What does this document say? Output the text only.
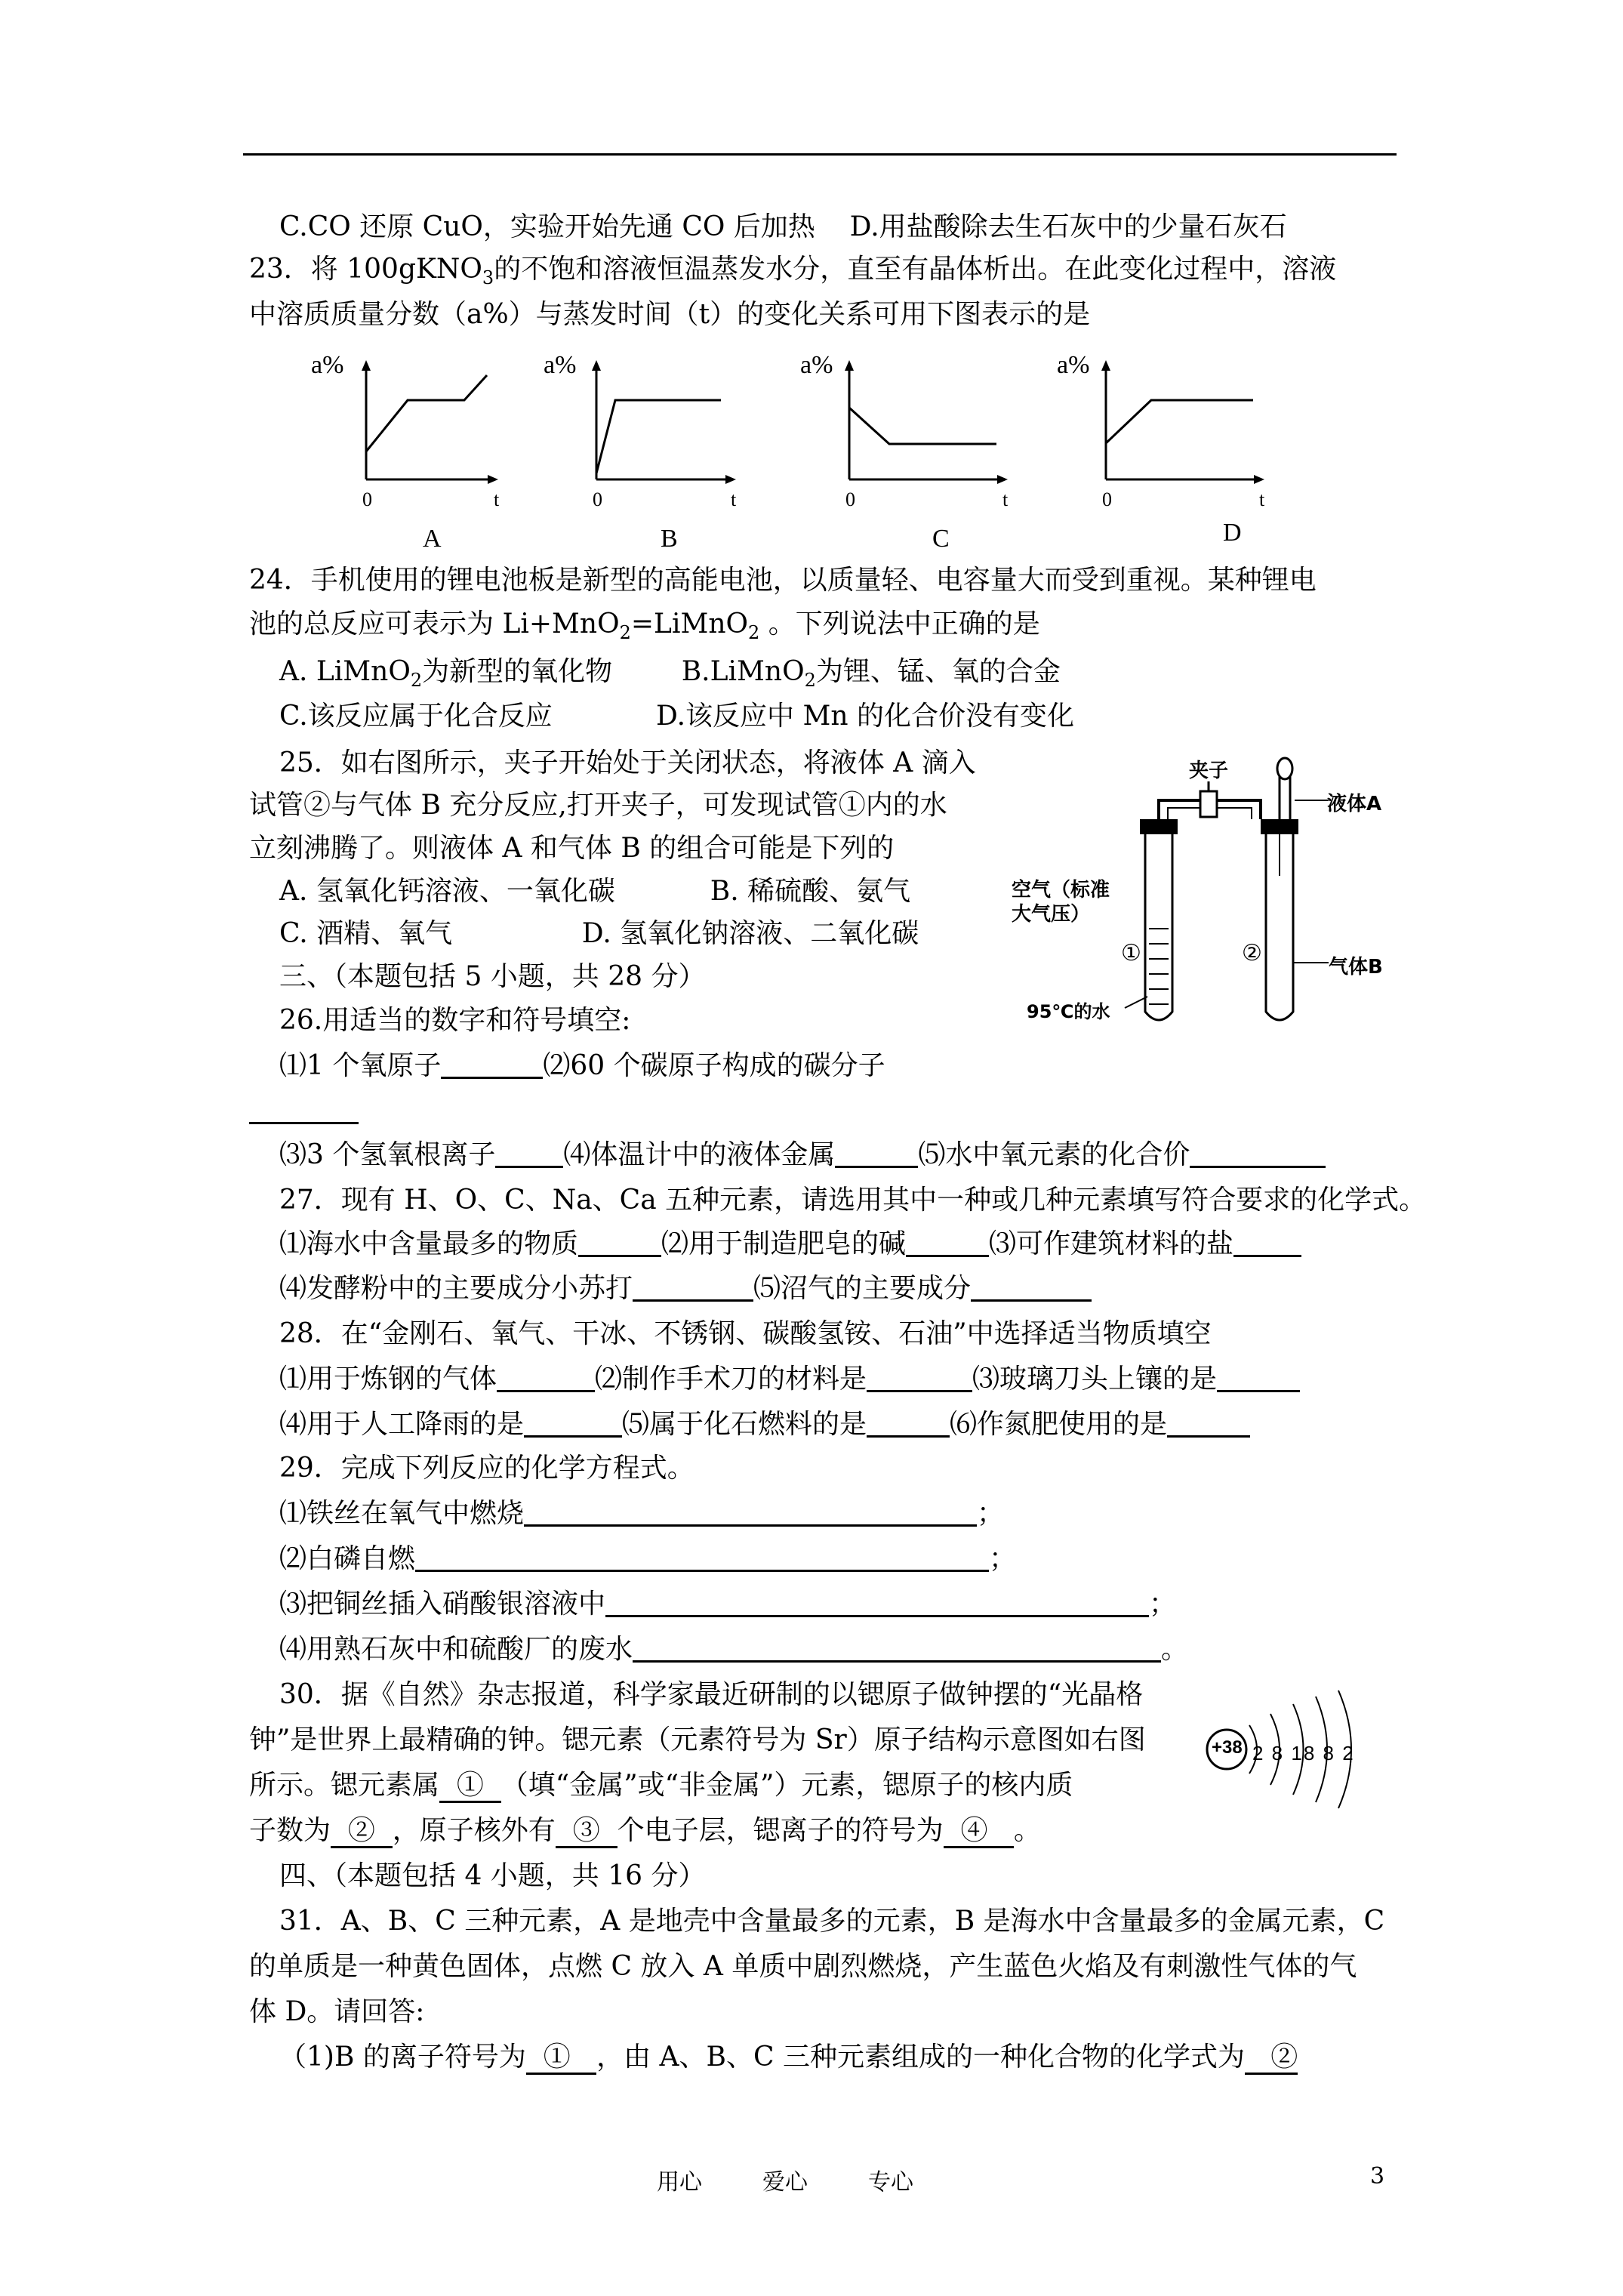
C.CO 还原 CuO，实验开始先通 CO 后加热    D.用盐酸除去生石灰中的少量石灰石
23．将 100gKNO$_3$的不饱和溶液恒温蒸发水分，直至有晶体析出。在此变化过程中，溶液
中溶质质量分数（a%）与蒸发时间（t）的变化关系可用下图表示的是
a%
0	t
A
a%
0	t
B
a%
0	t
C
a%
0	t
D
24．手机使用的锂电池板是新型的高能电池，以质量轻、电容量大而受到重视。某种锂电
池的总反应可表示为 Li+MnO$_2$=LiMnO$_2$ 。下列说法中正确的是
A. LiMnO$_2$为新型的氧化物        B.LiMnO$_2$为锂、锰、氧的合金
C.该反应属于化合反应            D.该反应中 Mn 的化合价没有变化
25．如右图所示，夹子开始处于关闭状态，将液体 A 滴入
试管②与气体 B 充分反应,打开夹子，可发现试管①内的水
立刻沸腾了。则液体 A 和气体 B 的组合可能是下列的
A. 氢氧化钙溶液、一氧化碳           B. 稀硫酸、氨气
C. 酒精、氧气               D. 氢氧化钠溶液、二氧化碳
夹子
液体A
空气（标准
大气压）
①	②
气体B
95℃的水
三、（本题包括 5 小题，共 28 分）
26.用适当的数字和符号填空:
⑴1 个氧原子	⑵60 个碳原子构成的碳分子
⑶3 个氢氧根离子	⑷体温计中的液体金属	⑸水中氧元素的化合价
27．现有 H、O、C、Na、Ca 五种元素，请选用其中一种或几种元素填写符合要求的化学式。
⑴海水中含量最多的物质	⑵用于制造肥皂的碱	⑶可作建筑材料的盐
⑷发酵粉中的主要成分小苏打	⑸沼气的主要成分
28．在“金刚石、氧气、干冰、不锈钢、碳酸氢铵、石油”中选择适当物质填空
⑴用于炼钢的气体	⑵制作手术刀的材料是	⑶玻璃刀头上镶的是
⑷用于人工降雨的是	⑸属于化石燃料的是	⑹作氮肥使用的是
29．完成下列反应的化学方程式。
⑴铁丝在氧气中燃烧	；
⑵白磷自燃	；
⑶把铜丝插入硝酸银溶液中	；
⑷用熟石灰中和硫酸厂的废水	。
30．据《自然》杂志报道，科学家最近研制的以锶原子做钟摆的“光晶格
钟”是世界上最精确的钟。锶元素（元素符号为 Sr）原子结构示意图如右图
所示。锶元素属  ①  （填“金属”或“非金属”）元素，锶原子的核内质
子数为  ②  ，原子核外有  ③  个电子层，锶离子的符号为  ④   。
+38 2 8 18 8 2
四、（本题包括 4 小题，共 16 分）
31．A、B、C 三种元素，A 是地壳中含量最多的元素，B 是海水中含量最多的金属元素，C
的单质是一种黄色固体，点燃 C 放入 A 单质中剧烈燃烧，产生蓝色火焰及有刺激性气体的气
体 D。请回答:
（1)B 的离子符号为  ①   ，由 A、B、C 三种元素组成的一种化合物的化学式为   ②
用心	爱心	专心	3
